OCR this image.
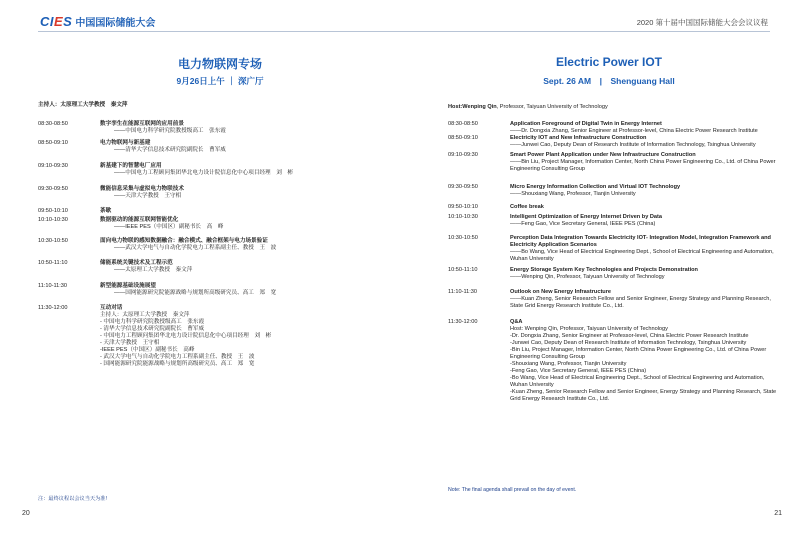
CIES 中国国际储能大会
电力物联网专场
9月26日上午 ｜ 深广厅
主持人：太原理工大学教授　秦文萍
08:30-08:50	数字孪生在能源互联网的应用前景
——中国电力科学研究院教授级高工　张东霞
08:50-09:10	电力物联网与新基建
——清华大学信息技术研究院副院长　曹军威
09:10-09:30	新基建下的智慧电厂应用
——中国电力工程顾问集团华北电力设计院信息化中心项目经理　刘　彬
09:30-09:50	微能信息采集与虚拟电力物联技术
——天津大学教授　王守相
09:50-10:10	茶歇
10:10-10:30	数据驱动的能源互联网智能优化
——IEEE PES（中国区）副秘书长　高　峰
10:30-10:50	面向电力物联的感知数据融合：融合模式、融合框架与电力场景验证
——武汉大学电气与自动化学院电力工程系副主任、教授　王　波
10:50-11:10	储能系统关键技术及工程示范
——太原理工大学教授　秦文萍
11:10-11:30	新型能源基础设施展望
——国网能源研究院能源战略与规划所高级研究员、高工　郑　宽
11:30-12:00	互动对话
主持人：太原理工大学教授　秦文萍
- 中国电力科学研究院教授级高工　张东霞
- 清华大学信息技术研究院副院长　曹军威
- 中国电力工程顾问集团华北电力设计院信息化中心项目经理　刘　彬
- 天津大学教授　王守相
-IEEE PES（中国区）副秘书长　高峰
- 武汉大学电气与自动化学院电力工程系副主任、教授　王　波
- 国网能源研究院能源战略与规划所高级研究员、高工　郑　宽
注：最终议程以会议当天为准!
20
2020 第十届中国国际储能大会会议议程
Electric Power IOT
Sept. 26 AM　|　Shenguang Hall
Host:Wenping Qin, Professor, Taiyuan University of Technology
08:30-08:50	Application Foreground of Digital Twin in Energy Internet
——Dr. Dongxia Zhang, Senior Engineer at Professor-level, China Electric Power Research Institute
08:50-09:10	Electricity IOT and New Infrastructure Construction
——Junwei Cao, Deputy Dean of Research Institute of Information Technology, Tsinghua University
09:10-09:30	Smart Power Plant Application under New Infrastructure Construction
——Bin Liu, Project Manager, Information Center, North China Power Engineering Co., Ltd. of China Power Engineering Consulting Group
09:30-09:50	Micro Energy Information Collection and Virtual IOT Technology
——Shouxiang Wang, Professor, Tianjin University
09:50-10:10	Coffee break
10:10-10:30	Intelligent Optimization of Energy Internet Driven by Data
——Feng Gao, Vice Secretary General, IEEE PES (China)
10:30-10:50	Perception Data Integration Towards Electricity IOT- Integration Model, Integration Framework and Electricity Application Scenarios
——Bo Wang, Vice Head of Electrical Engineering Dept., School of Electrical Engineering and Automation, Wuhan University
10:50-11:10	Energy Storage System Key Technologies and Projects Demonstration
——Wenping Qin, Professor, Taiyuan University of Technology
11:10-11:30	Outlook on New Energy Infrastructure
——Kuan Zheng, Senior Research Fellow and Senior Engineer, Energy Strategy and Planning Research, State Grid Energy Research Institute Co., Ltd.
11:30-12:00	Q&A
Host: Wenping Qin, Professor, Taiyuan University of Technology
-Dr. Dongxia Zhang, Senior Engineer at Professor-level, China Electric Power Research Institute
-Junwei Cao, Deputy Dean of Research Institute of Information Technology, Tsinghua University
-Bin Liu, Project Manager, Information Center, North China Power Engineering Co., Ltd. of China Power Engineering Consulting Group
-Shouxiang Wang, Professor, Tianjin University
-Feng Gao, Vice Secretary General, IEEE PES (China)
-Bo Wang, Vice Head of Electrical Engineering Dept., School of Electrical Engineering and Automation, Wuhan University
-Kuan Zheng, Senior Research Fellow and Senior Engineer, Energy Strategy and Planning Research, State Grid Energy Research Institute Co., Ltd.
Note: The final agenda shall prevail on the day of event.
21
